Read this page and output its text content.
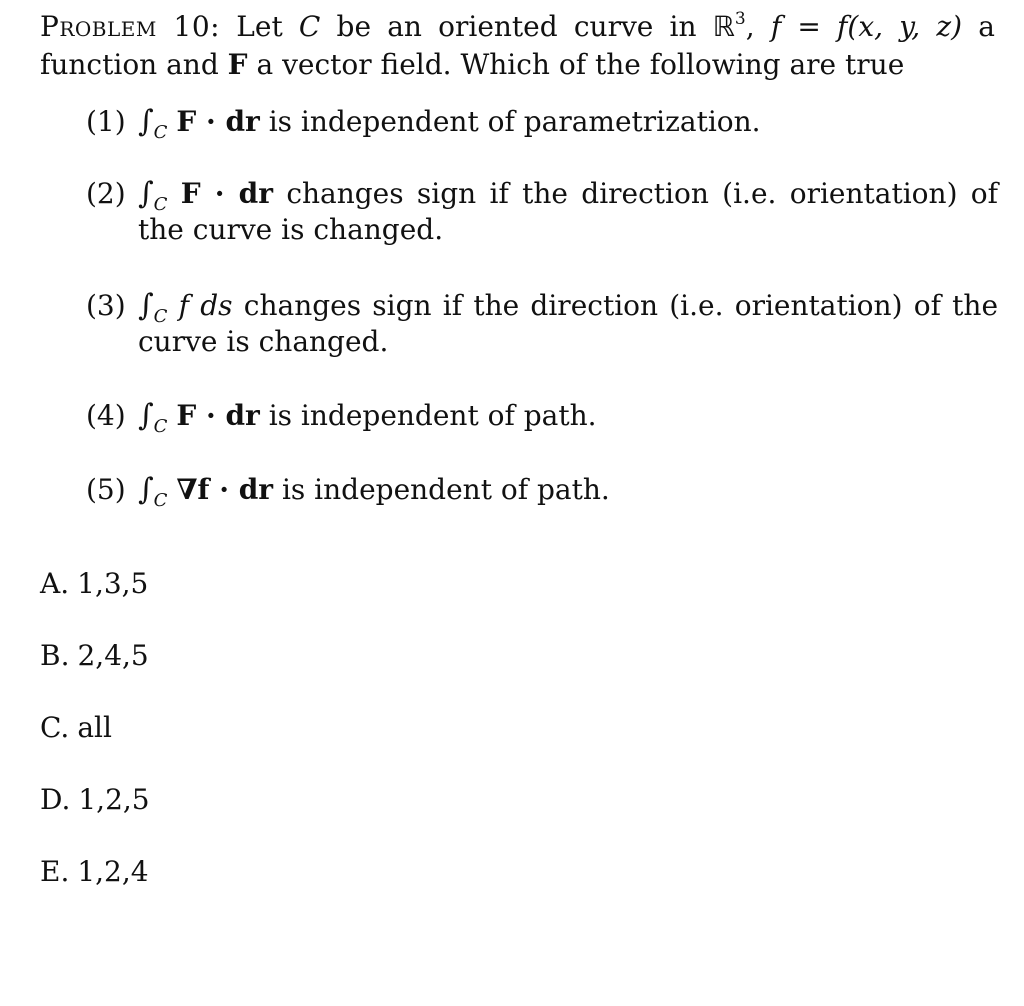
Problem 10: Let C be an oriented curve in ℝ$^3$, f = f(x, y, z) a function and F a vector field. Which of the following are true
(1) $\int_C$ F · dr is independent of parametrization.
(2) $\int_C$ F · dr changes sign if the direction (i.e. orientation) of the curve is changed.
(3) $\int_C$ f ds changes sign if the direction (i.e. orientation) of the curve is changed.
(4) $\int_C$ F · dr is independent of path.
(5) $\int_C$ ∇f · dr is independent of path.
A. 1,3,5
B. 2,4,5
C. all
D. 1,2,5
E. 1,2,4
